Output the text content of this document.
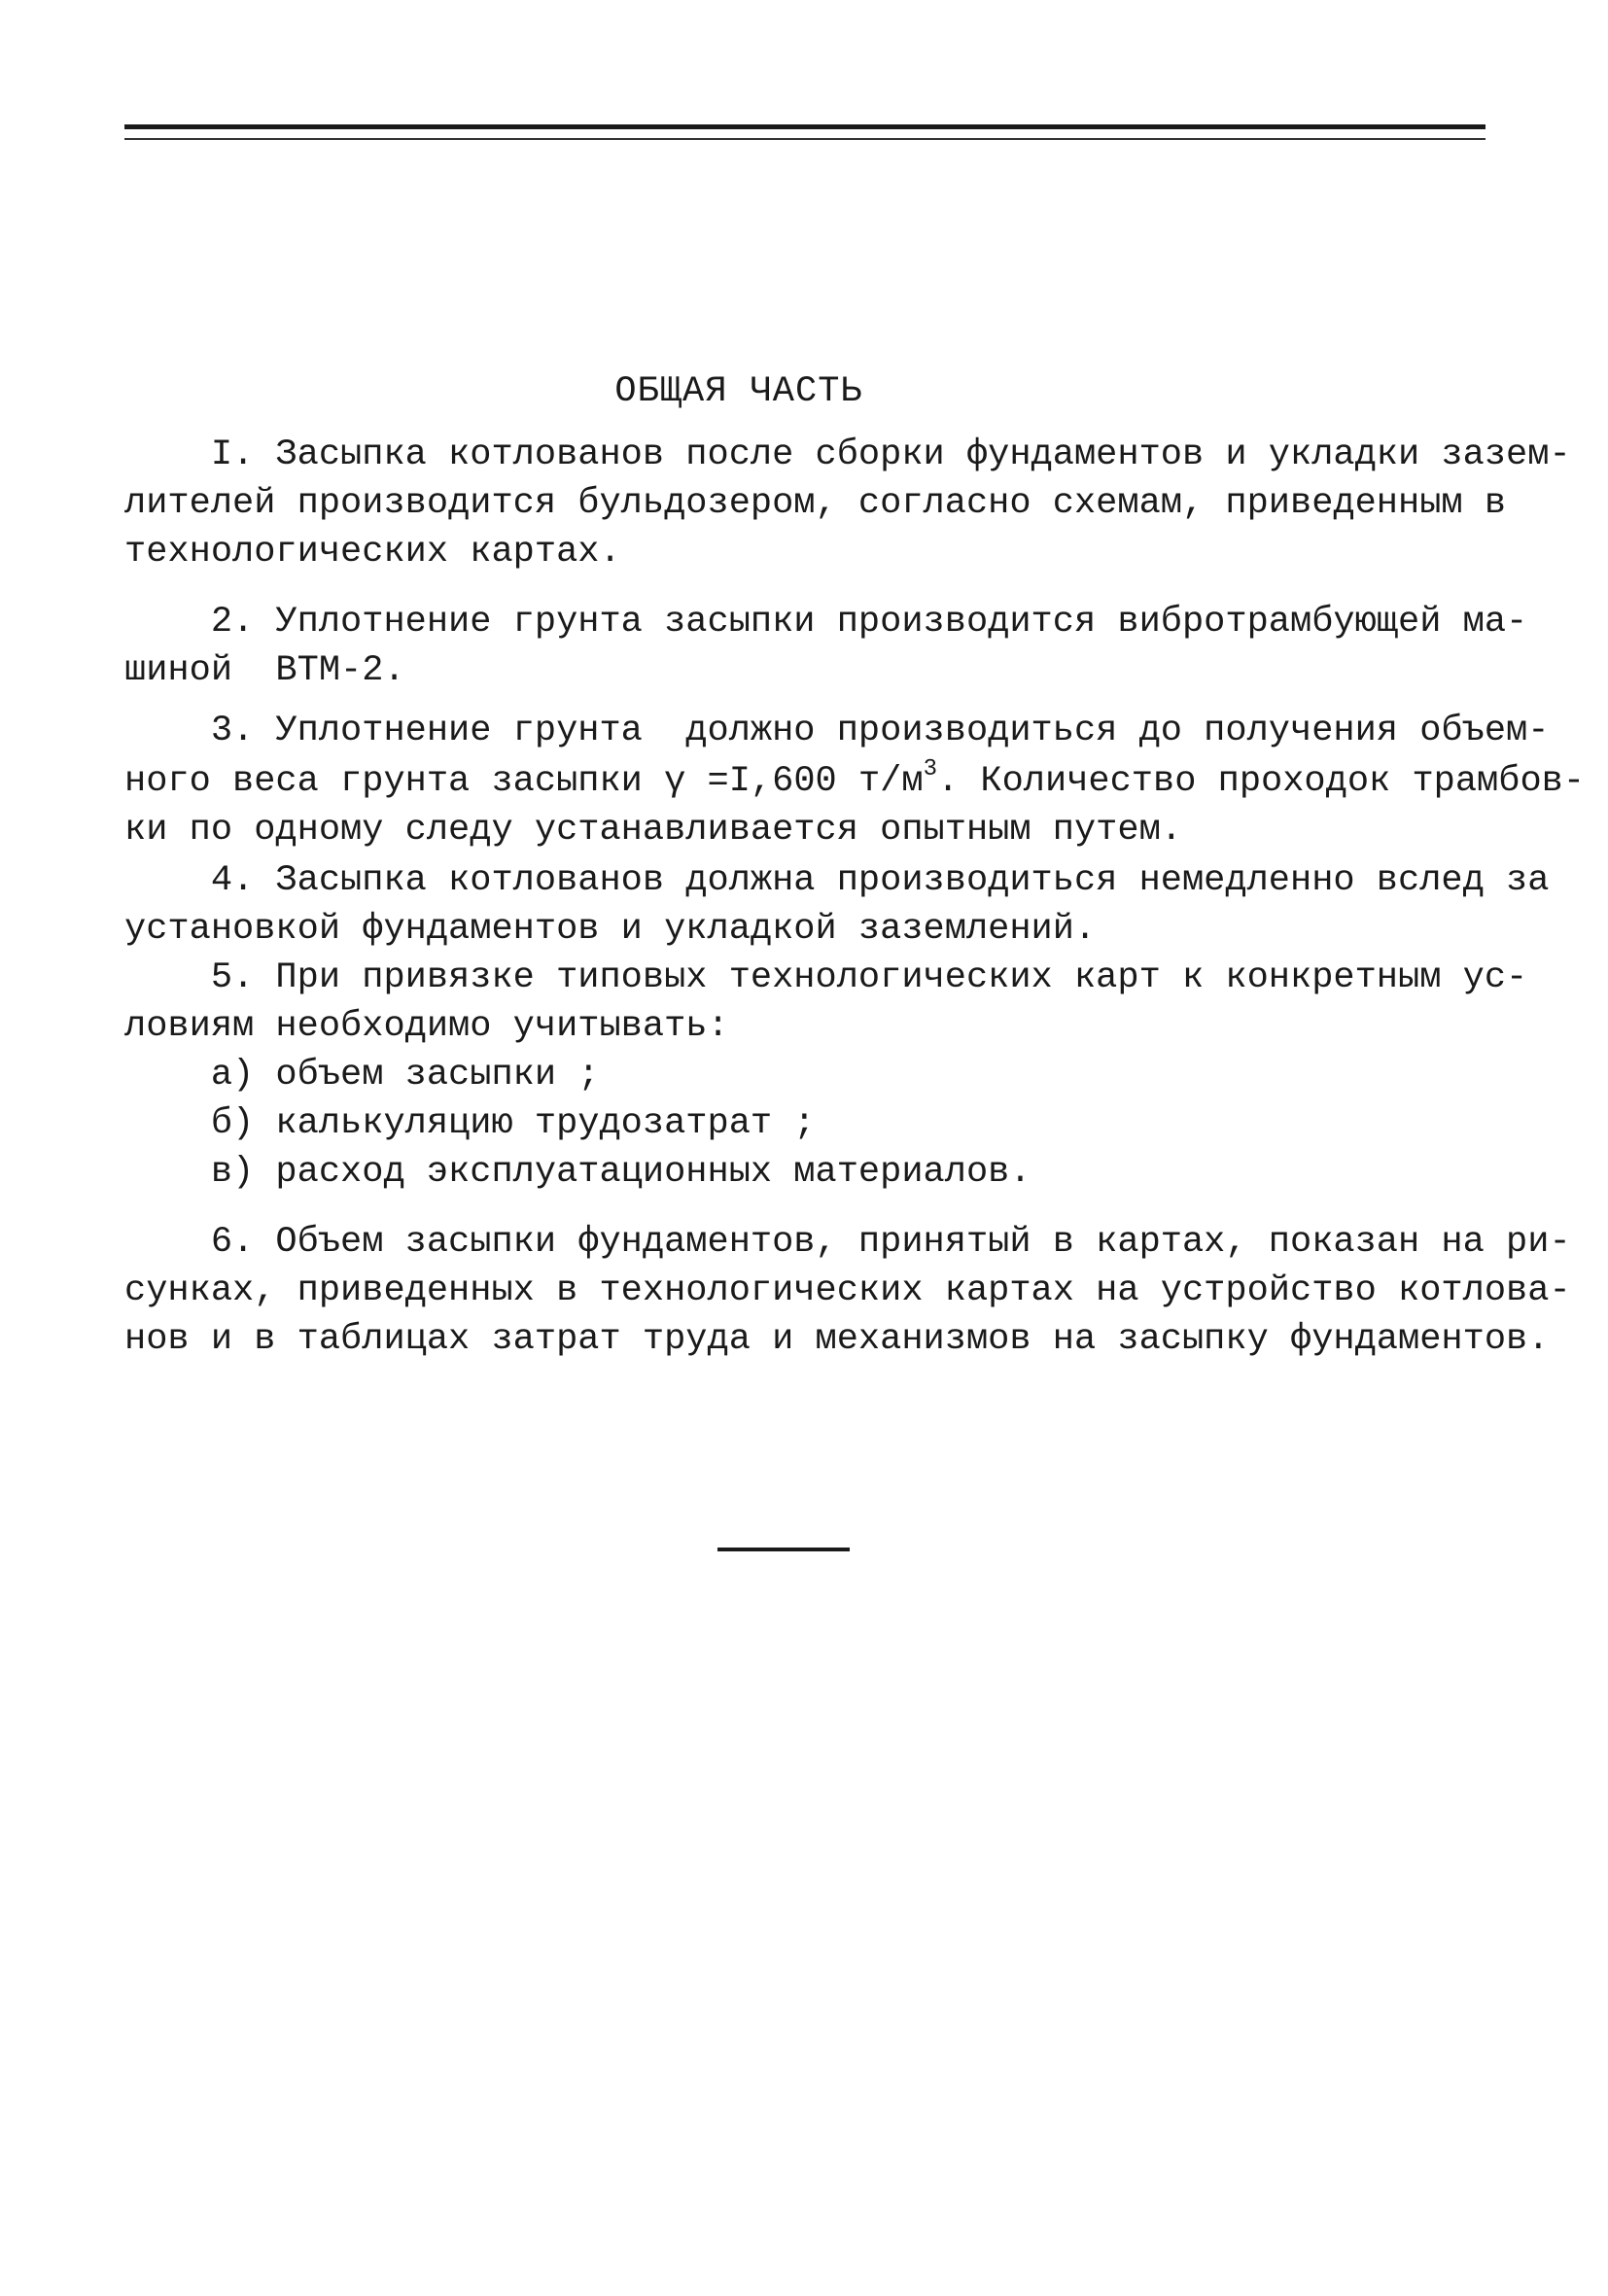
ОБЩАЯ ЧАСТЬ
I. Засыпка котлованов после сборки фундаментов и укладки зазем-
лителей производится бульдозером, согласно схемам, приведенным в
технологических картах.
2. Уплотнение грунта засыпки производится вибротрамбующей ма-
шиной  ВТМ-2.
3. Уплотнение грунта  должно производиться до получения объем-
ного веса грунта засыпки γ =I,600 $т/м^3$. Количество проходок трамбов-
ки по одному следу устанавливается опытным путем.
4. Засыпка котлованов должна производиться немедленно вслед за
установкой фундаментов и укладкой заземлений.
5. При привязке типовых технологических карт к конкретным ус-
ловиям необходимо учитывать:
а) объем засыпки ;
б) калькуляцию трудозатрат ;
в) расход эксплуатационных материалов.
6. Объем засыпки фундаментов, принятый в картах, показан на ри-
сунках, приведенных в технологических картах на устройство котлова-
нов и в таблицах затрат труда и механизмов на засыпку фундаментов.
